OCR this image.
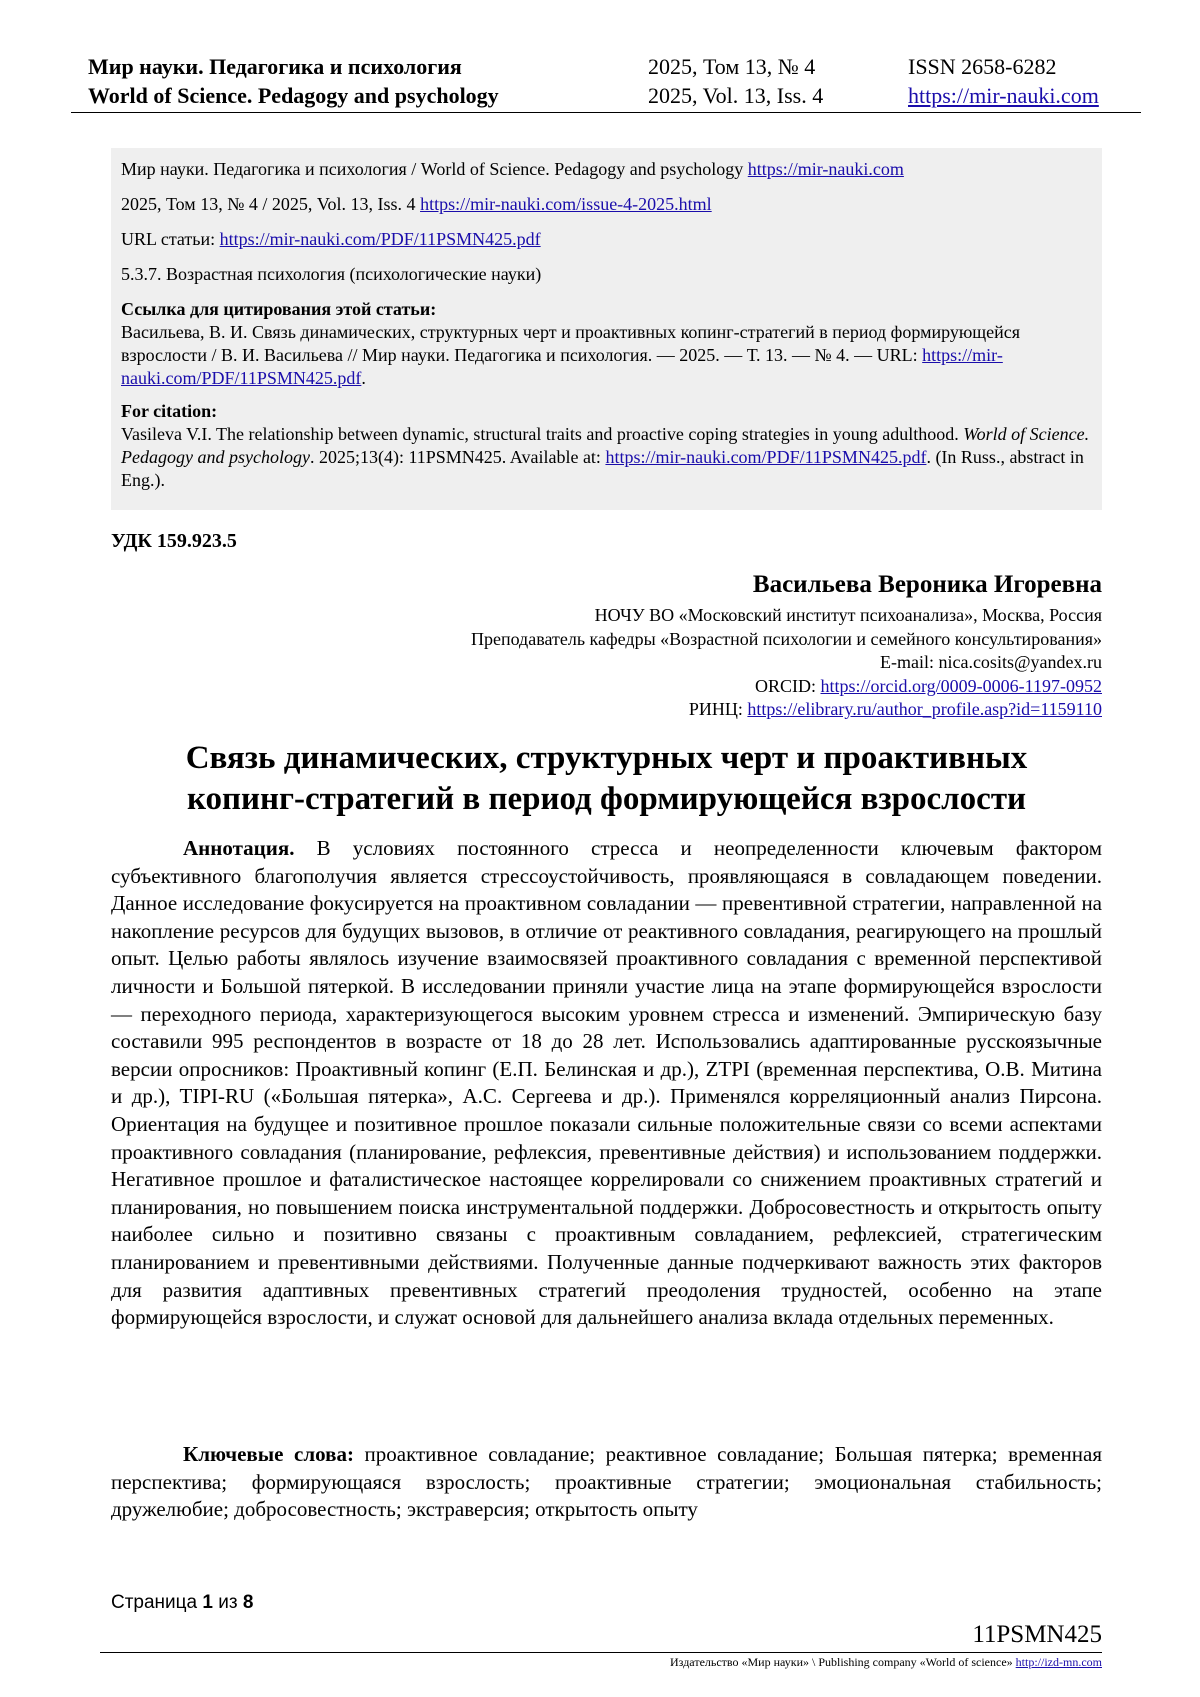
Мир науки. Педагогика и психология
World of Science. Pedagogy and psychology
2025, Том 13, № 4
2025, Vol. 13, Iss. 4
ISSN 2658-6282
https://mir-nauki.com
Мир науки. Педагогика и психология / World of Science. Pedagogy and psychology https://mir-nauki.com
2025, Том 13, № 4 / 2025, Vol. 13, Iss. 4 https://mir-nauki.com/issue-4-2025.html
URL статьи: https://mir-nauki.com/PDF/11PSMN425.pdf
5.3.7. Возрастная психология (психологические науки)
Ссылка для цитирования этой статьи:
Васильева, В. И. Связь динамических, структурных черт и проактивных копинг-стратегий в период формирующейся взрослости / В. И. Васильева // Мир науки. Педагогика и психология. — 2025. — Т. 13. — № 4. — URL: https://mir-nauki.com/PDF/11PSMN425.pdf.
For citation:
Vasileva V.I. The relationship between dynamic, structural traits and proactive coping strategies in young adulthood. World of Science. Pedagogy and psychology. 2025;13(4): 11PSMN425. Available at: https://mir-nauki.com/PDF/11PSMN425.pdf. (In Russ., abstract in Eng.).
УДК 159.923.5
Васильева Вероника Игоревна
НОЧУ ВО «Московский институт психоанализа», Москва, Россия
Преподаватель кафедры «Возрастной психологии и семейного консультирования»
E-mail: nica.cosits@yandex.ru
ORCID: https://orcid.org/0009-0006-1197-0952
РИНЦ: https://elibrary.ru/author_profile.asp?id=1159110
Связь динамических, структурных черт и проактивных
копинг-стратегий в период формирующейся взрослости
Аннотация. В условиях постоянного стресса и неопределенности ключевым фактором субъективного благополучия является стрессоустойчивость, проявляющаяся в совладающем поведении. Данное исследование фокусируется на проактивном совладании — превентивной стратегии, направленной на накопление ресурсов для будущих вызовов, в отличие от реактивного совладания, реагирующего на прошлый опыт. Целью работы являлось изучение взаимосвязей проактивного совладания с временной перспективой личности и Большой пятеркой. В исследовании приняли участие лица на этапе формирующейся взрослости — переходного периода, характеризующегося высоким уровнем стресса и изменений. Эмпирическую базу составили 995 респондентов в возрасте от 18 до 28 лет. Использовались адаптированные русскоязычные версии опросников: Проактивный копинг (Е.П. Белинская и др.), ZTPI (временная перспектива, О.В. Митина и др.), TIPI-RU («Большая пятерка», А.С. Сергеева и др.). Применялся корреляционный анализ Пирсона. Ориентация на будущее и позитивное прошлое показали сильные положительные связи со всеми аспектами проактивного совладания (планирование, рефлексия, превентивные действия) и использованием поддержки. Негативное прошлое и фаталистическое настоящее коррелировали со снижением проактивных стратегий и планирования, но повышением поиска инструментальной поддержки. Добросовестность и открытость опыту наиболее сильно и позитивно связаны с проактивным совладанием, рефлексией, стратегическим планированием и превентивными действиями. Полученные данные подчеркивают важность этих факторов для развития адаптивных превентивных стратегий преодоления трудностей, особенно на этапе формирующейся взрослости, и служат основой для дальнейшего анализа вклада отдельных переменных.
Ключевые слова: проактивное совладание; реактивное совладание; Большая пятерка; временная перспектива; формирующаяся взрослость; проактивные стратегии; эмоциональная стабильность; дружелюбие; добросовестность; экстраверсия; открытость опыту
Страница 1 из 8
11PSMN425
Издательство «Мир науки» \ Publishing company «World of science» http://izd-mn.com
